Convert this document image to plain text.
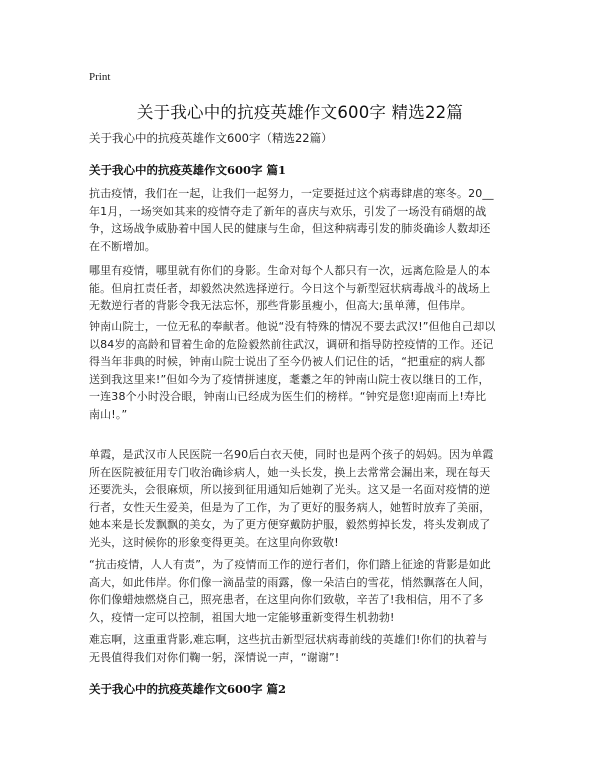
Print
关于我心中的抗疫英雄作文600字 精选22篇

关于我心中的抗疫英雄作文600字（精选22篇）

关于我心中的抗疫英雄作文600字 篇1
抗击疫情，我们在一起，让我们一起努力，一定要挺过这个病毒肆虐的寒冬。20__
年1月，一场突如其来的疫情夺走了新年的喜庆与欢乐，引发了一场没有硝烟的战
争，这场战争威胁着中国人民的健康与生命，但这种病毒引发的肺炎确诊人数却还
在不断增加。
哪里有疫情，哪里就有你们的身影。生命对每个人都只有一次，远离危险是人的本
能。但肩扛责任者，却毅然决然选择逆行。今日这个与新型冠状病毒战斗的战场上
无数逆行者的背影令我无法忘怀，那些背影虽瘦小，但高大;虽单薄，但伟岸。
钟南山院士，一位无私的奉献者。他说“没有特殊的情况不要去武汉!”但他自己却以
以84岁的高龄和冒着生命的危险毅然前往武汉，调研和指导防控疫情的工作。还记
得当年非典的时候，钟南山院士说出了至今仍被人们记住的话，“把重症的病人都
送到我这里来!”但如今为了疫情拼速度，耄耋之年的钟南山院士夜以继日的工作，
一连38个小时没合眼，钟南山已经成为医生们的榜样。“钟究是您!迎南而上!寿比
南山!。”
单霞，是武汉市人民医院一名90后白衣天使，同时也是两个孩子的妈妈。因为单霞
所在医院被征用专门收治确诊病人，她一头长发，换上去常常会漏出来，现在每天
还要洗头，会很麻烦，所以接到征用通知后她剃了光头。这又是一名面对疫情的逆
行者，女性天生爱美，但是为了工作，为了更好的服务病人，她暂时放弃了美丽，
她本来是长发飘飘的美女，为了更方便穿戴防护服，毅然剪掉长发，将头发剃成了
光头，这时候你的形象变得更美。在这里向你致敬!
“抗击疫情，人人有责”，为了疫情而工作的逆行者们，你们踏上征途的背影是如此
高大，如此伟岸。你们像一滴晶莹的雨露，像一朵洁白的雪花，悄然飘落在人间，
你们像蜡烛燃烧自己，照亮患者，在这里向你们致敬，辛苦了!我相信，用不了多
久，疫情一定可以控制，祖国大地一定能够重新变得生机勃勃!
难忘啊，这重重背影,难忘啊，这些抗击新型冠状病毒前线的英雄们!你们的执着与
无畏值得我们对你们鞠一躬，深情说一声，“谢谢”!
关于我心中的抗疫英雄作文600字 篇2
